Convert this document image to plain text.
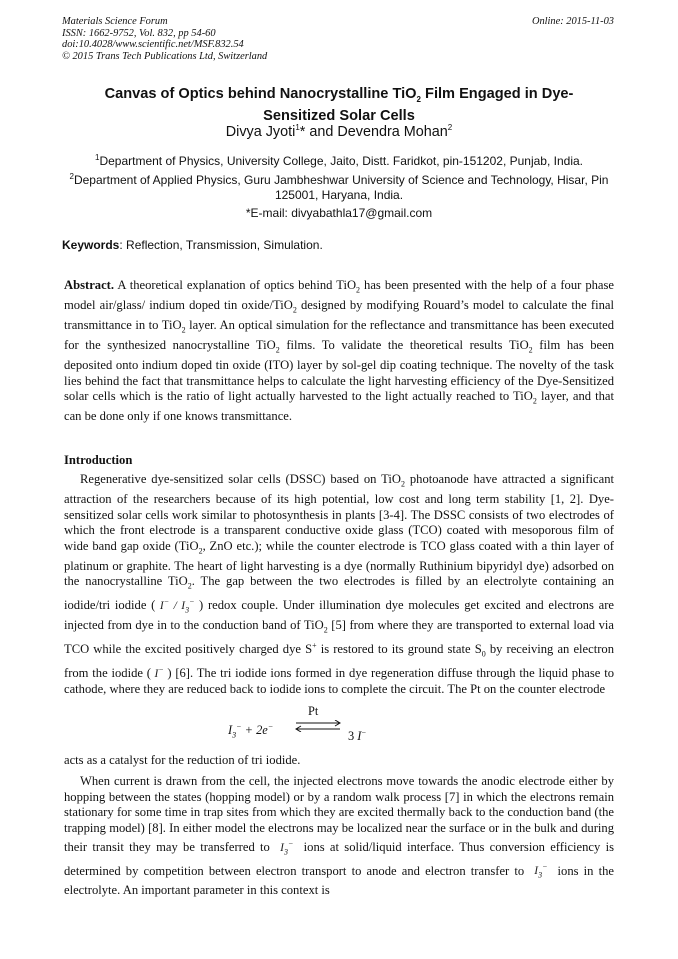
Materials Science Forum
ISSN: 1662-9752, Vol. 832, pp 54-60
doi:10.4028/www.scientific.net/MSF.832.54
© 2015 Trans Tech Publications Ltd, Switzerland
Online: 2015-11-03
Canvas of Optics behind Nanocrystalline TiO$_2$ Film Engaged in Dye-
Sensitized Solar Cells
Divya Jyoti$^1$* and Devendra Mohan$^2$
$^1$Department of Physics, University College, Jaito, Distt. Faridkot, pin-151202, Punjab, India.
$^2$Department of Applied Physics, Guru Jambheshwar University of Science and Technology, Hisar, Pin 125001, Haryana, India.
*E-mail: divyabathla17@gmail.com
Keywords: Reflection, Transmission, Simulation.
Abstract. A theoretical explanation of optics behind TiO$_2$ has been presented with the help of a four phase model air/glass/ indium doped tin oxide/TiO$_2$ designed by modifying Rouard’s model to calculate the final transmittance in to TiO$_2$ layer. An optical simulation for the reflectance and transmittance has been executed for the synthesized nanocrystalline TiO$_2$ films. To validate the theoretical results TiO$_2$ film has been deposited onto indium doped tin oxide (ITO) layer by sol-gel dip coating technique. The novelty of the task lies behind the fact that transmittance helps to calculate the light harvesting efficiency of the Dye-Sensitized solar cells which is the ratio of light actually harvested to the light actually reached to TiO$_2$ layer, and that can be done only if one knows transmittance.
Introduction
Regenerative dye-sensitized solar cells (DSSC) based on TiO$_2$ photoanode have attracted a significant attraction of the researchers because of its high potential, low cost and long term stability [1, 2]. Dye-sensitized solar cells work similar to photosynthesis in plants [3-4]. The DSSC consists of two electrodes of which the front electrode is a transparent conductive oxide glass (TCO) coated with mesoporous film of wide band gap oxide (TiO$_2$, ZnO etc.); while the counter electrode is TCO glass coated with a thin layer of platinum or graphite. The heart of light harvesting is a dye (normally Ruthinium bipyridyl dye) adsorbed on the nanocrystalline TiO$_2$. The gap between the two electrodes is filled by an electrolyte containing an iodide/tri iodide ( $I^- / I_3^-$ ) redox couple. Under illumination dye molecules get excited and electrons are injected from dye in to the conduction band of TiO$_2$ [5] from where they are transported to external load via TCO while the excited positively charged dye S+ is restored to its ground state $S_0$ by receiving an electron from the iodide ( I− ) [6]. The tri iodide ions formed in dye regeneration diffuse through the liquid phase to cathode, where they are reduced back to iodide ions to complete the circuit. The Pt on the counter electrode
$I_3^- + 2e^-$
Pt
3 I−
acts as a catalyst for the reduction of tri iodide.
When current is drawn from the cell, the injected electrons move towards the anodic electrode either by hopping between the states (hopping model) or by a random walk process [7] in which the electrons remain stationary for some time in trap sites from which they are excited thermally back to the conduction band (the trapping model) [8]. In either model the electrons may be localized near the surface or in the bulk and during their transit they may be transferred to  $I_3^-$  ions at solid/liquid interface. Thus conversion efficiency is determined by competition between electron transport to anode and electron transfer to  $I_3^-$  ions in the electrolyte. An important parameter in this context is
